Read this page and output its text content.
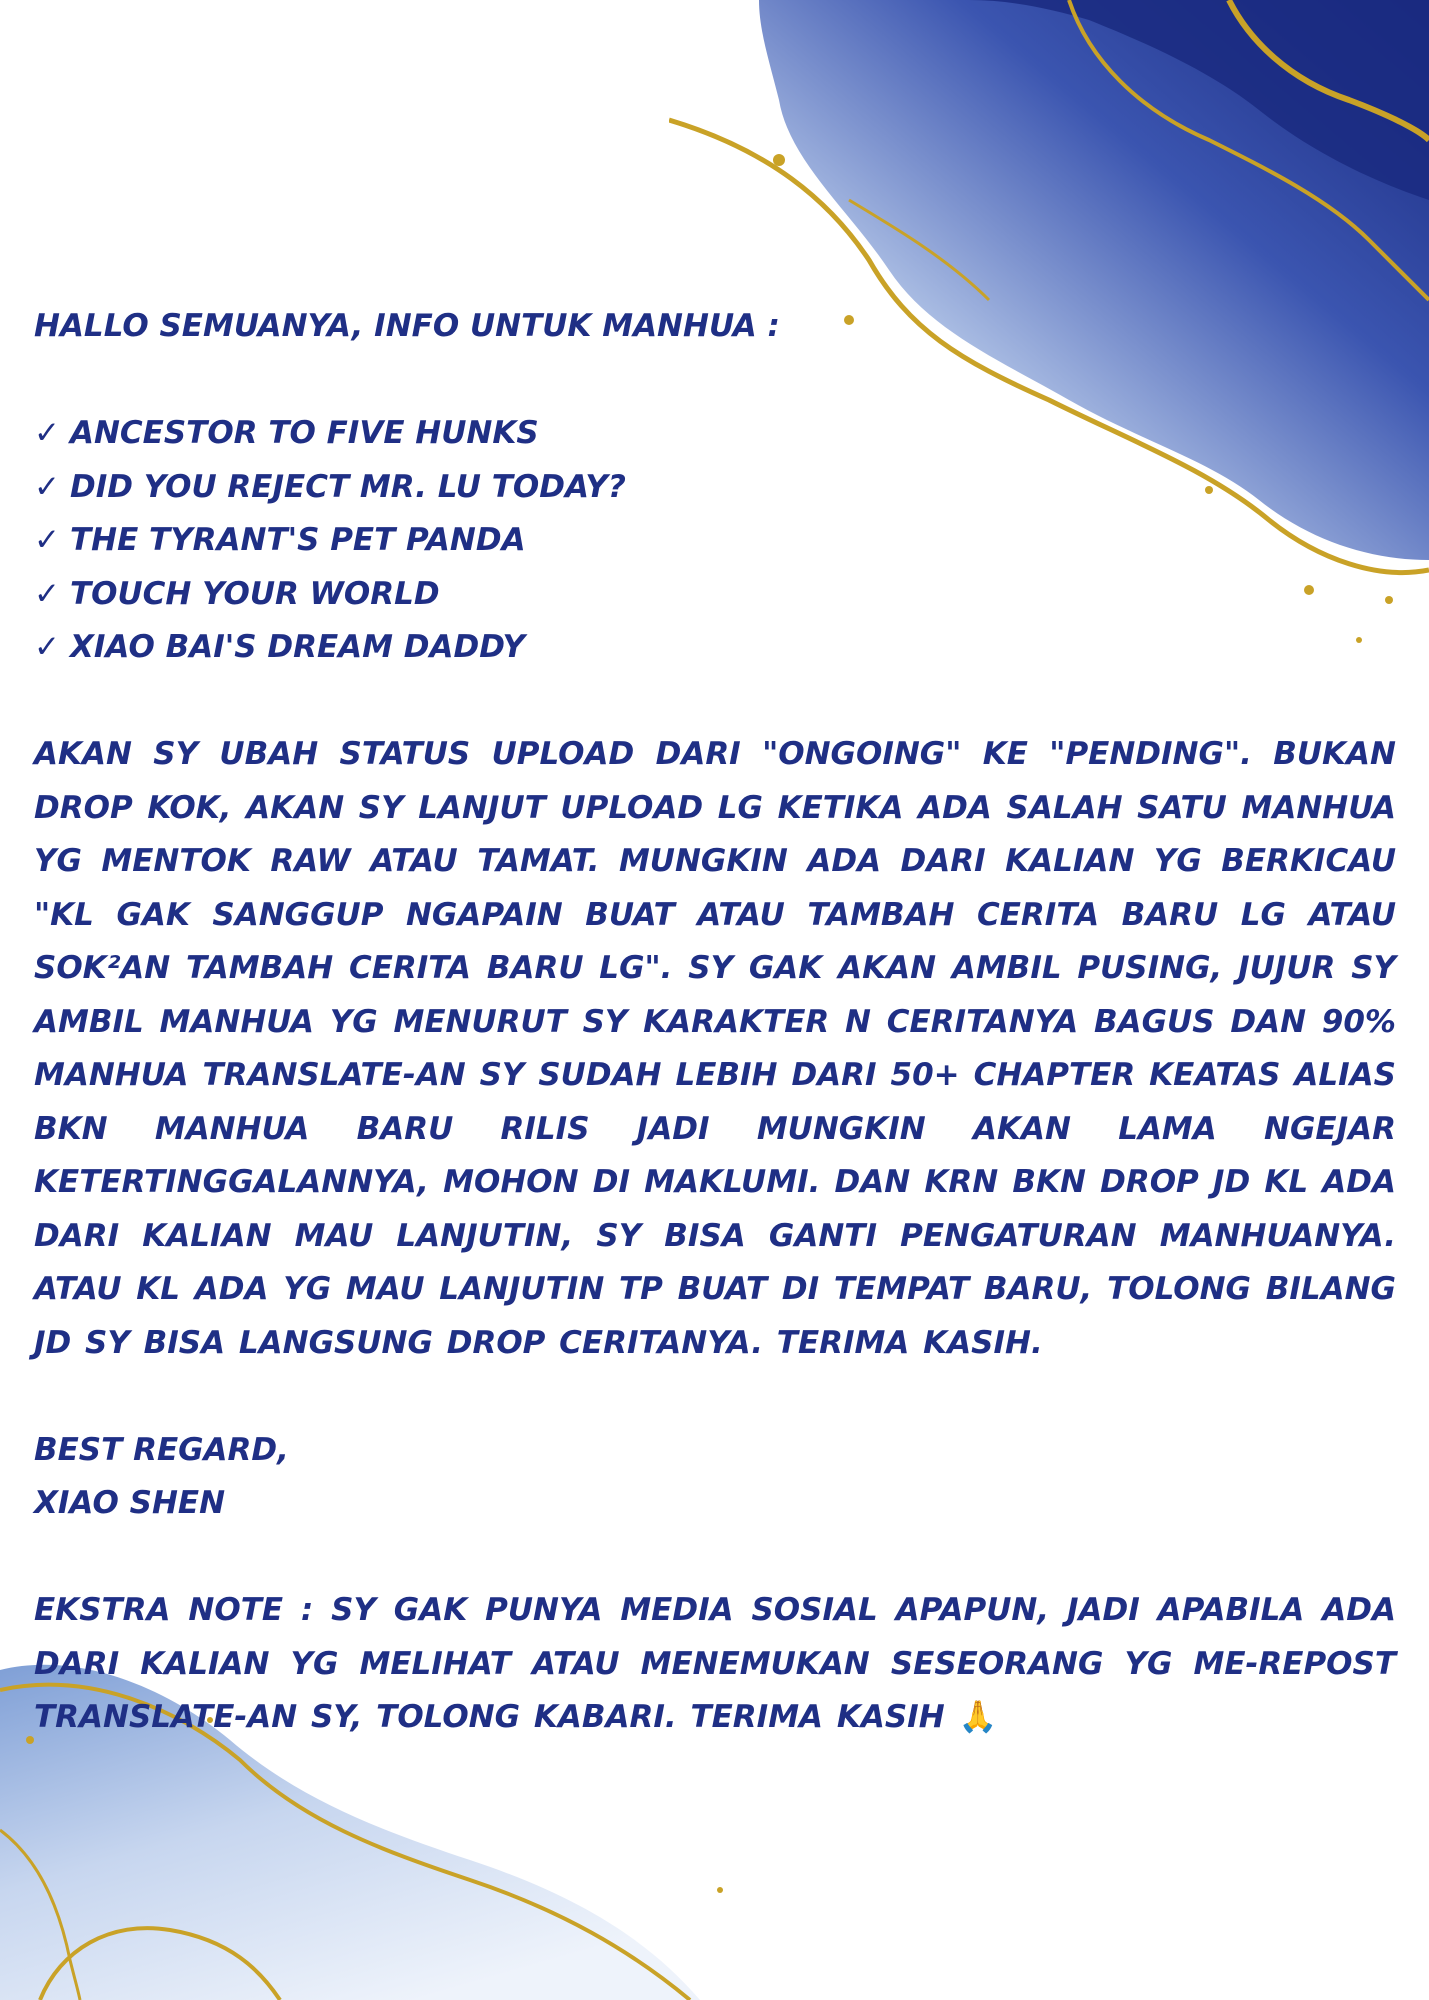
HALLO SEMUANYA, INFO UNTUK MANHUA :

✓ ANCESTOR TO FIVE HUNKS
✓ DID YOU REJECT MR. LU TODAY?
✓ THE TYRANT'S PET PANDA
✓ TOUCH YOUR WORLD
✓ XIAO BAI'S DREAM DADDY

AKAN SY UBAH STATUS UPLOAD DARI "ONGOING" KE "PENDING". BUKAN DROP KOK, AKAN SY LANJUT UPLOAD LG KETIKA ADA SALAH SATU MANHUA YG MENTOK RAW ATAU TAMAT. MUNGKIN ADA DARI KALIAN YG BERKICAU "KL GAK SANGGUP NGAPAIN BUAT ATAU TAMBAH CERITA BARU LG ATAU SOK²AN TAMBAH CERITA BARU LG". SY GAK AKAN AMBIL PUSING, JUJUR SY AMBIL MANHUA YG MENURUT SY KARAKTER N CERITANYA BAGUS DAN 90% MANHUA TRANSLATE-AN SY SUDAH LEBIH DARI 50+ CHAPTER KEATAS ALIAS BKN MANHUA BARU RILIS JADI MUNGKIN AKAN LAMA NGEJAR KETERTINGGALANNYA, MOHON DI MAKLUMI. DAN KRN BKN DROP JD KL ADA DARI KALIAN MAU LANJUTIN, SY BISA GANTI PENGATURAN MANHUANYA. ATAU KL ADA YG MAU LANJUTIN TP BUAT DI TEMPAT BARU, TOLONG BILANG JD SY BISA LANGSUNG DROP CERITANYA. TERIMA KASIH.

BEST REGARD,

XIAO SHEN

EKSTRA NOTE : SY GAK PUNYA MEDIA SOSIAL APAPUN, JADI APABILA ADA DARI KALIAN YG MELIHAT ATAU MENEMUKAN SESEORANG YG ME-REPOST TRANSLATE-AN SY, TOLONG KABARI. TERIMA KASIH 🙏
